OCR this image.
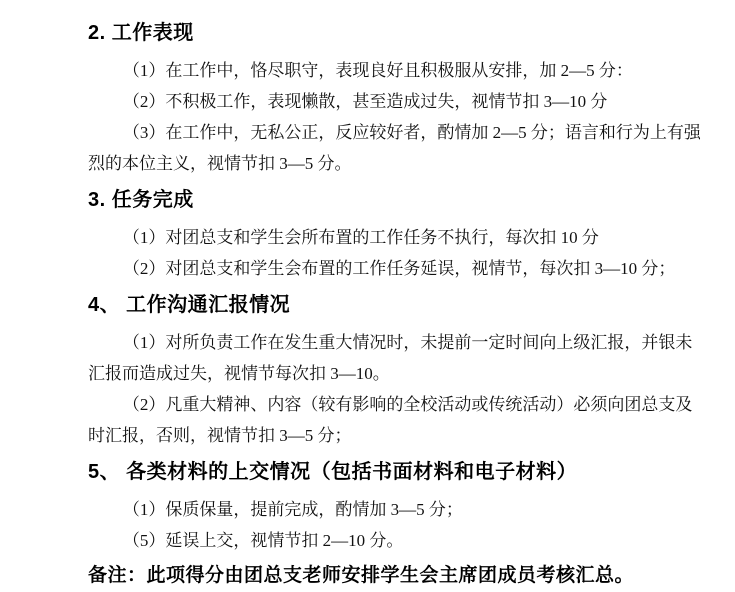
2. 工作表现

（1）在工作中，恪尽职守，表现良好且积极服从安排，加 2—5 分：

（2）不积极工作，表现懒散，甚至造成过失，视情节扣 3—10 分

（3）在工作中，无私公正，反应较好者，酌情加 2—5 分；语言和行为上有强烈的本位主义，视情节扣 3—5 分。

3. 任务完成

（1）对团总支和学生会所布置的工作任务不执行，每次扣 10 分

（2）对团总支和学生会布置的工作任务延误，视情节，每次扣 3—10 分；

4、 工作沟通汇报情况

（1）对所负责工作在发生重大情况时，未提前一定时间向上级汇报，并银未汇报而造成过失，视情节每次扣 3—10。

（2）凡重大精神、内容（较有影响的全校活动或传统活动）必须向团总支及时汇报，否则，视情节扣 3—5 分；

5、 各类材料的上交情况（包括书面材料和电子材料）

（1）保质保量，提前完成，酌情加 3—5 分；

（5）延误上交，视情节扣 2—10 分。

备注：此项得分由团总支老师安排学生会主席团成员考核汇总。
